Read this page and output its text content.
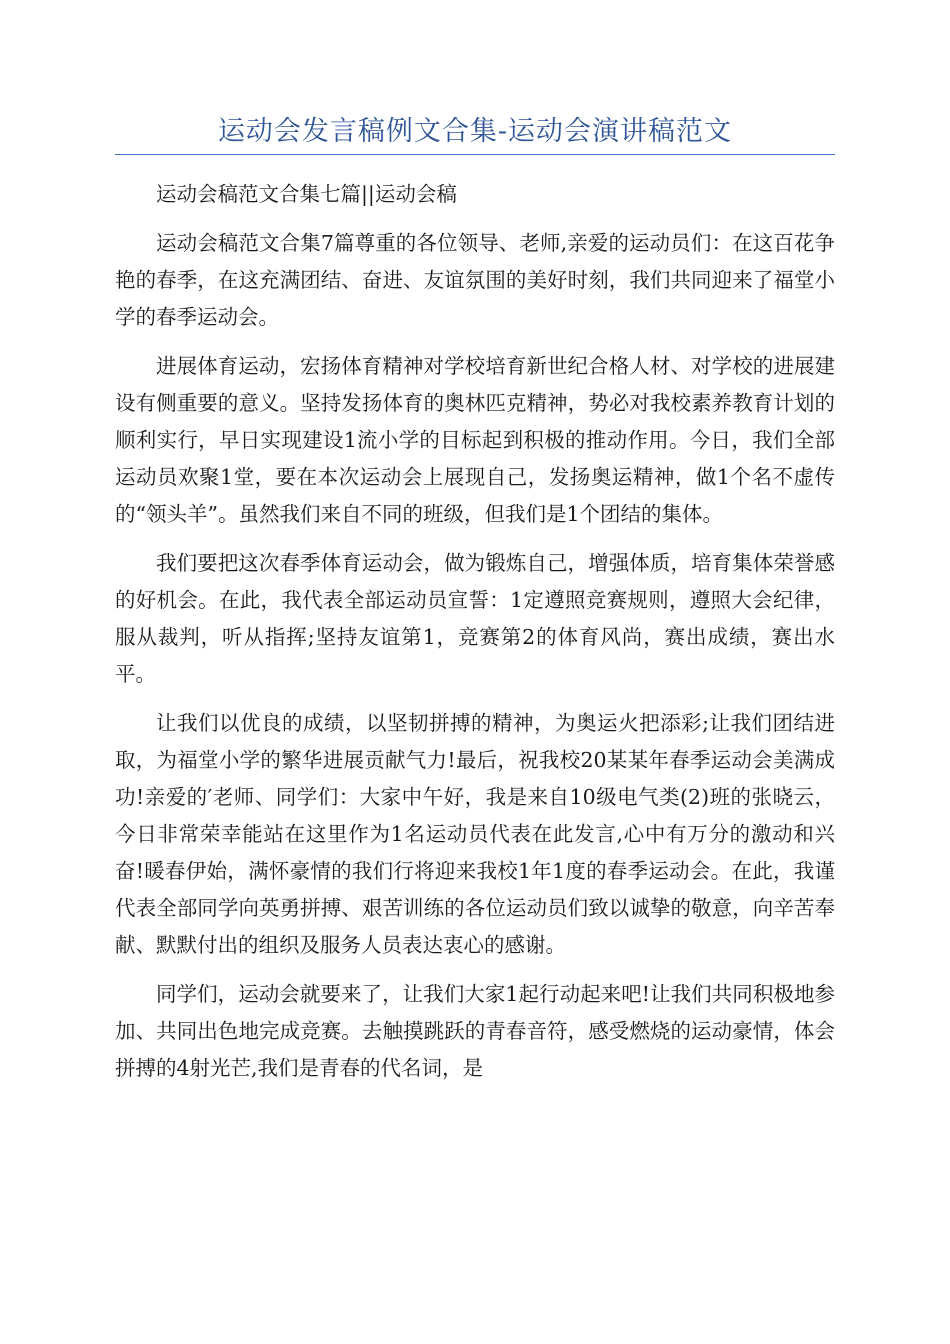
运动会发言稿例文合集-运动会演讲稿范文

运动会稿范文合集七篇||运动会稿

运动会稿范文合集7篇尊重的各位领导、老师,亲爱的运动员们：在这百花争艳的春季，在这充满团结、奋进、友谊氛围的美好时刻，我们共同迎来了福堂小学的春季运动会。

进展体育运动，宏扬体育精神对学校培育新世纪合格人材、对学校的进展建设有侧重要的意义。坚持发扬体育的奥林匹克精神，势必对我校素养教育计划的顺利实行，早日实现建设1流小学的目标起到积极的推动作用。今日，我们全部运动员欢聚1堂，要在本次运动会上展现自己，发扬奥运精神，做1个名不虚传的“领头羊”。虽然我们来自不同的班级，但我们是1个团结的集体。

我们要把这次春季体育运动会，做为锻炼自己，增强体质，培育集体荣誉感的好机会。在此，我代表全部运动员宣誓：1定遵照竞赛规则，遵照大会纪律，服从裁判，听从指挥;坚持友谊第1，竞赛第2的体育风尚，赛出成绩，赛出水平。

让我们以优良的成绩，以坚韧拼搏的精神，为奥运火把添彩;让我们团结进取，为福堂小学的繁华进展贡献气力!最后，祝我校20某某年春季运动会美满成功!亲爱的′老师、同学们：大家中午好，我是来自10级电气类(2)班的张晓云，今日非常荣幸能站在这里作为1名运动员代表在此发言,心中有万分的激动和兴奋!暖春伊始，满怀豪情的我们行将迎来我校1年1度的春季运动会。在此，我谨代表全部同学向英勇拼搏、艰苦训练的各位运动员们致以诚挚的敬意，向辛苦奉献、默默付出的组织及服务人员表达衷心的感谢。

同学们，运动会就要来了，让我们大家1起行动起来吧!让我们共同积极地参加、共同出色地完成竞赛。去触摸跳跃的青春音符，感受燃烧的运动豪情，体会拼搏的4射光芒,我们是青春的代名词，是
